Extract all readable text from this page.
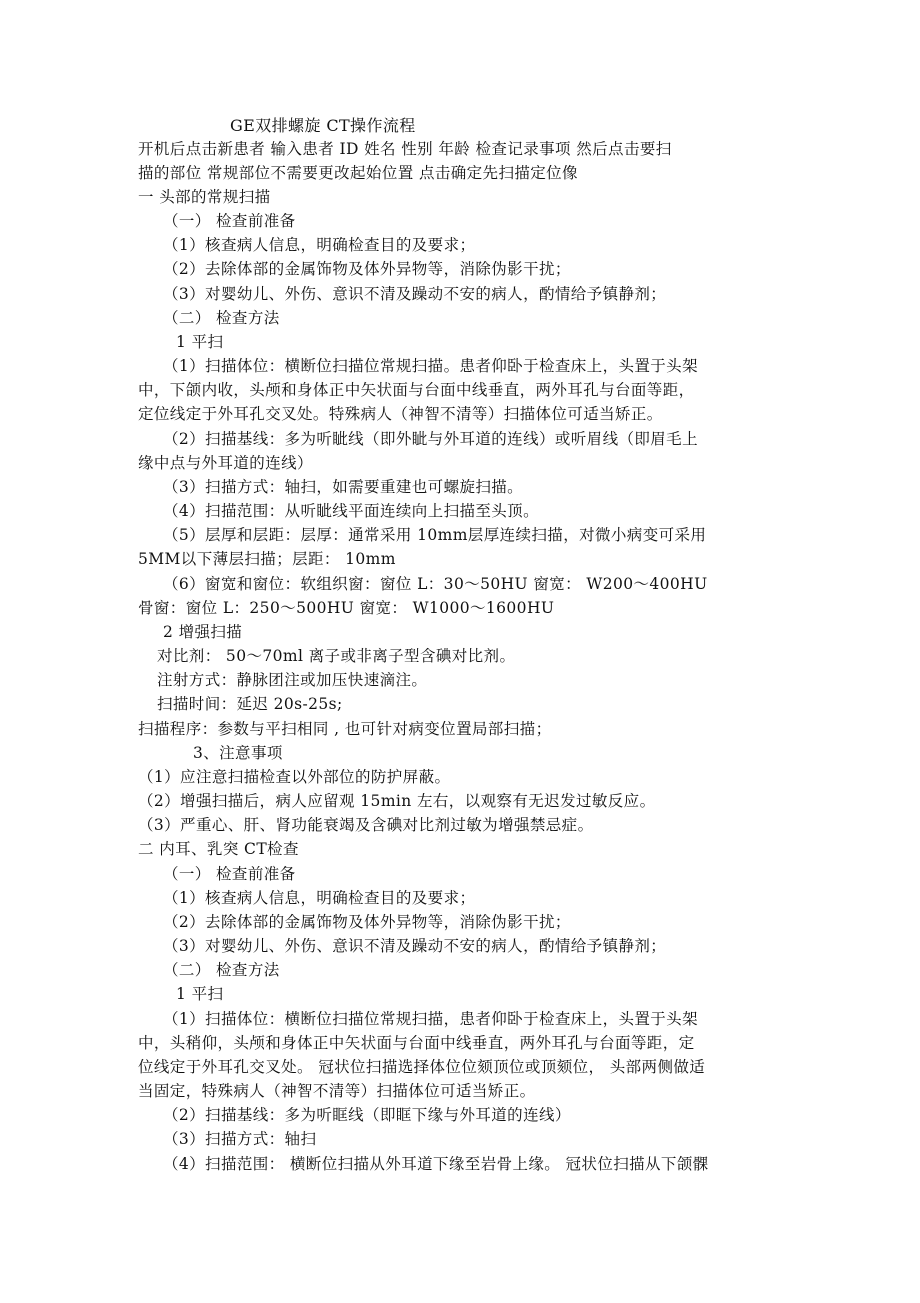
GE双排螺旋 CT操作流程
开机后点击新患者 输入患者 ID 姓名 性别 年龄 检查记录事项 然后点击要扫
描的部位 常规部位不需要更改起始位置 点击确定先扫描定位像
一 头部的常规扫描
（一） 检查前准备
（1）核查病人信息，明确检查目的及要求；
（2）去除体部的金属饰物及体外异物等，消除伪影干扰；
（3）对婴幼儿、外伤、意识不清及躁动不安的病人，酌情给予镇静剂；
（二） 检查方法
1 平扫
（1）扫描体位：横断位扫描位常规扫描。患者仰卧于检查床上，头置于头架
中，下颌内收，头颅和身体正中矢状面与台面中线垂直，两外耳孔与台面等距，
定位线定于外耳孔交叉处。特殊病人（神智不清等）扫描体位可适当矫正。
（2）扫描基线：多为听眦线（即外眦与外耳道的连线）或听眉线（即眉毛上
缘中点与外耳道的连线）
（3）扫描方式：轴扫，如需要重建也可螺旋扫描。
（4）扫描范围：从听眦线平面连续向上扫描至头顶。
（5）层厚和层距：层厚：通常采用 10mm层厚连续扫描，对微小病变可采用
5MM以下薄层扫描；层距： 10mm
（6）窗宽和窗位：软组织窗：窗位 L：30～50HU 窗宽： W200～400HU
骨窗：窗位 L：250～500HU 窗宽： W1000～1600HU
2 增强扫描
对比剂： 50～70ml 离子或非离子型含碘对比剂。
注射方式：静脉团注或加压快速滴注。
扫描时间：延迟 20s-25s;
扫描程序：参数与平扫相同 , 也可针对病变位置局部扫描；
3、注意事项
（1）应注意扫描检查以外部位的防护屏蔽。
（2）增强扫描后，病人应留观 15min 左右，以观察有无迟发过敏反应。
（3）严重心、肝、肾功能衰竭及含碘对比剂过敏为增强禁忌症。
二 内耳、乳突 CT检查
（一） 检查前准备
（1）核查病人信息，明确检查目的及要求；
（2）去除体部的金属饰物及体外异物等，消除伪影干扰；
（3）对婴幼儿、外伤、意识不清及躁动不安的病人，酌情给予镇静剂；
（二） 检查方法
1 平扫
（1）扫描体位：横断位扫描位常规扫描，患者仰卧于检查床上，头置于头架
中，头稍仰，头颅和身体正中矢状面与台面中线垂直，两外耳孔与台面等距，定
位线定于外耳孔交叉处。 冠状位扫描选择体位位颏顶位或顶颏位， 头部两侧做适
当固定，特殊病人（神智不清等）扫描体位可适当矫正。
（2）扫描基线：多为听眶线（即眶下缘与外耳道的连线）
（3）扫描方式：轴扫
（4）扫描范围： 横断位扫描从外耳道下缘至岩骨上缘。 冠状位扫描从下颌髁
